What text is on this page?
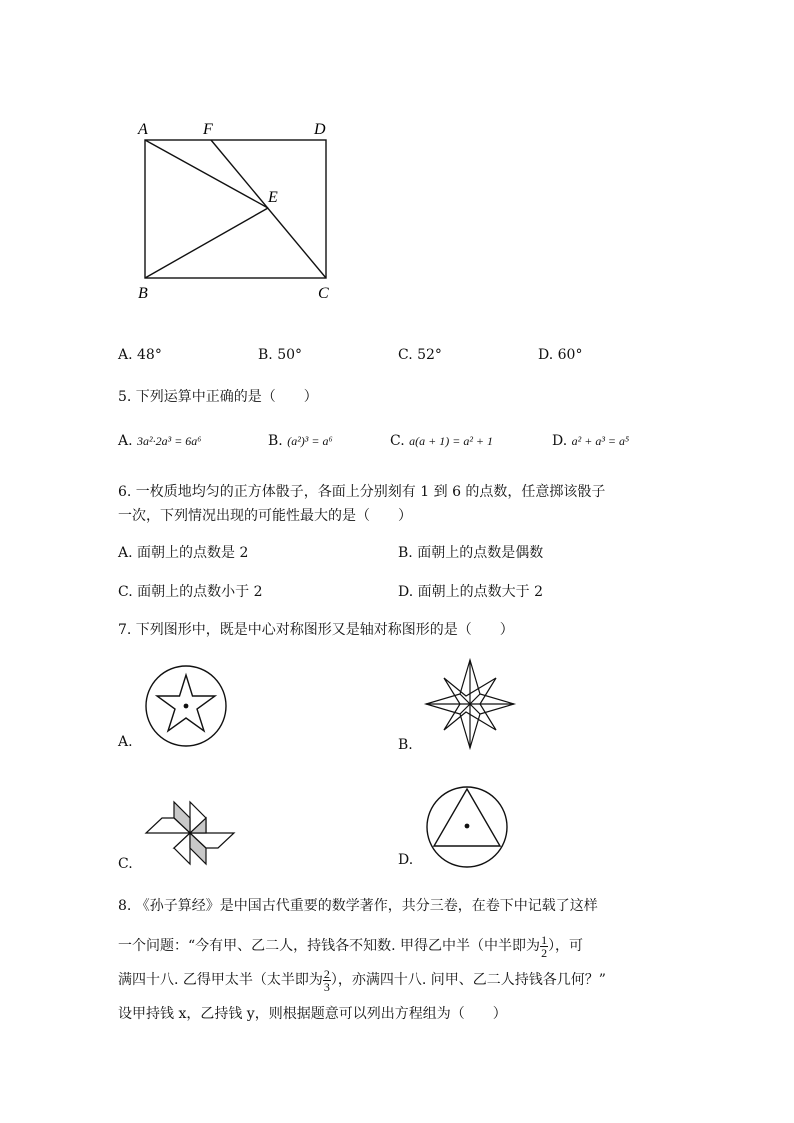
A	F	D
E
B	C
A. 48°	B. 50°	C. 52°	D. 60°
5. 下列运算中正确的是（　　）
A. 3a²·2a³ = 6a⁶	B. (a²)³ = a⁶	C. a(a + 1) = a² + 1	D. a² + a³ = a⁵
6. 一枚质地均匀的正方体骰子，各面上分别刻有 1 到 6 的点数，任意掷该骰子
一次，下列情况出现的可能性最大的是（　　）
A. 面朝上的点数是 2	B. 面朝上的点数是偶数
C. 面朝上的点数小于 2	D. 面朝上的点数大于 2
7. 下列图形中，既是中心对称图形又是轴对称图形的是（　　）
A.	B.
C.	D.
8. 《孙子算经》是中国古代重要的数学著作，共分三卷，在卷下中记载了这样
一个问题：“今有甲、乙二人，持钱各不知数. 甲得乙中半（中半即为 $\frac{1}{2}$ ），可
满四十八. 乙得甲太半（太半即为 $\frac{2}{3}$ ），亦满四十八. 问甲、乙二人持钱各几何？”
设甲持钱 x，乙持钱 y，则根据题意可以列出方程组为（　　）
